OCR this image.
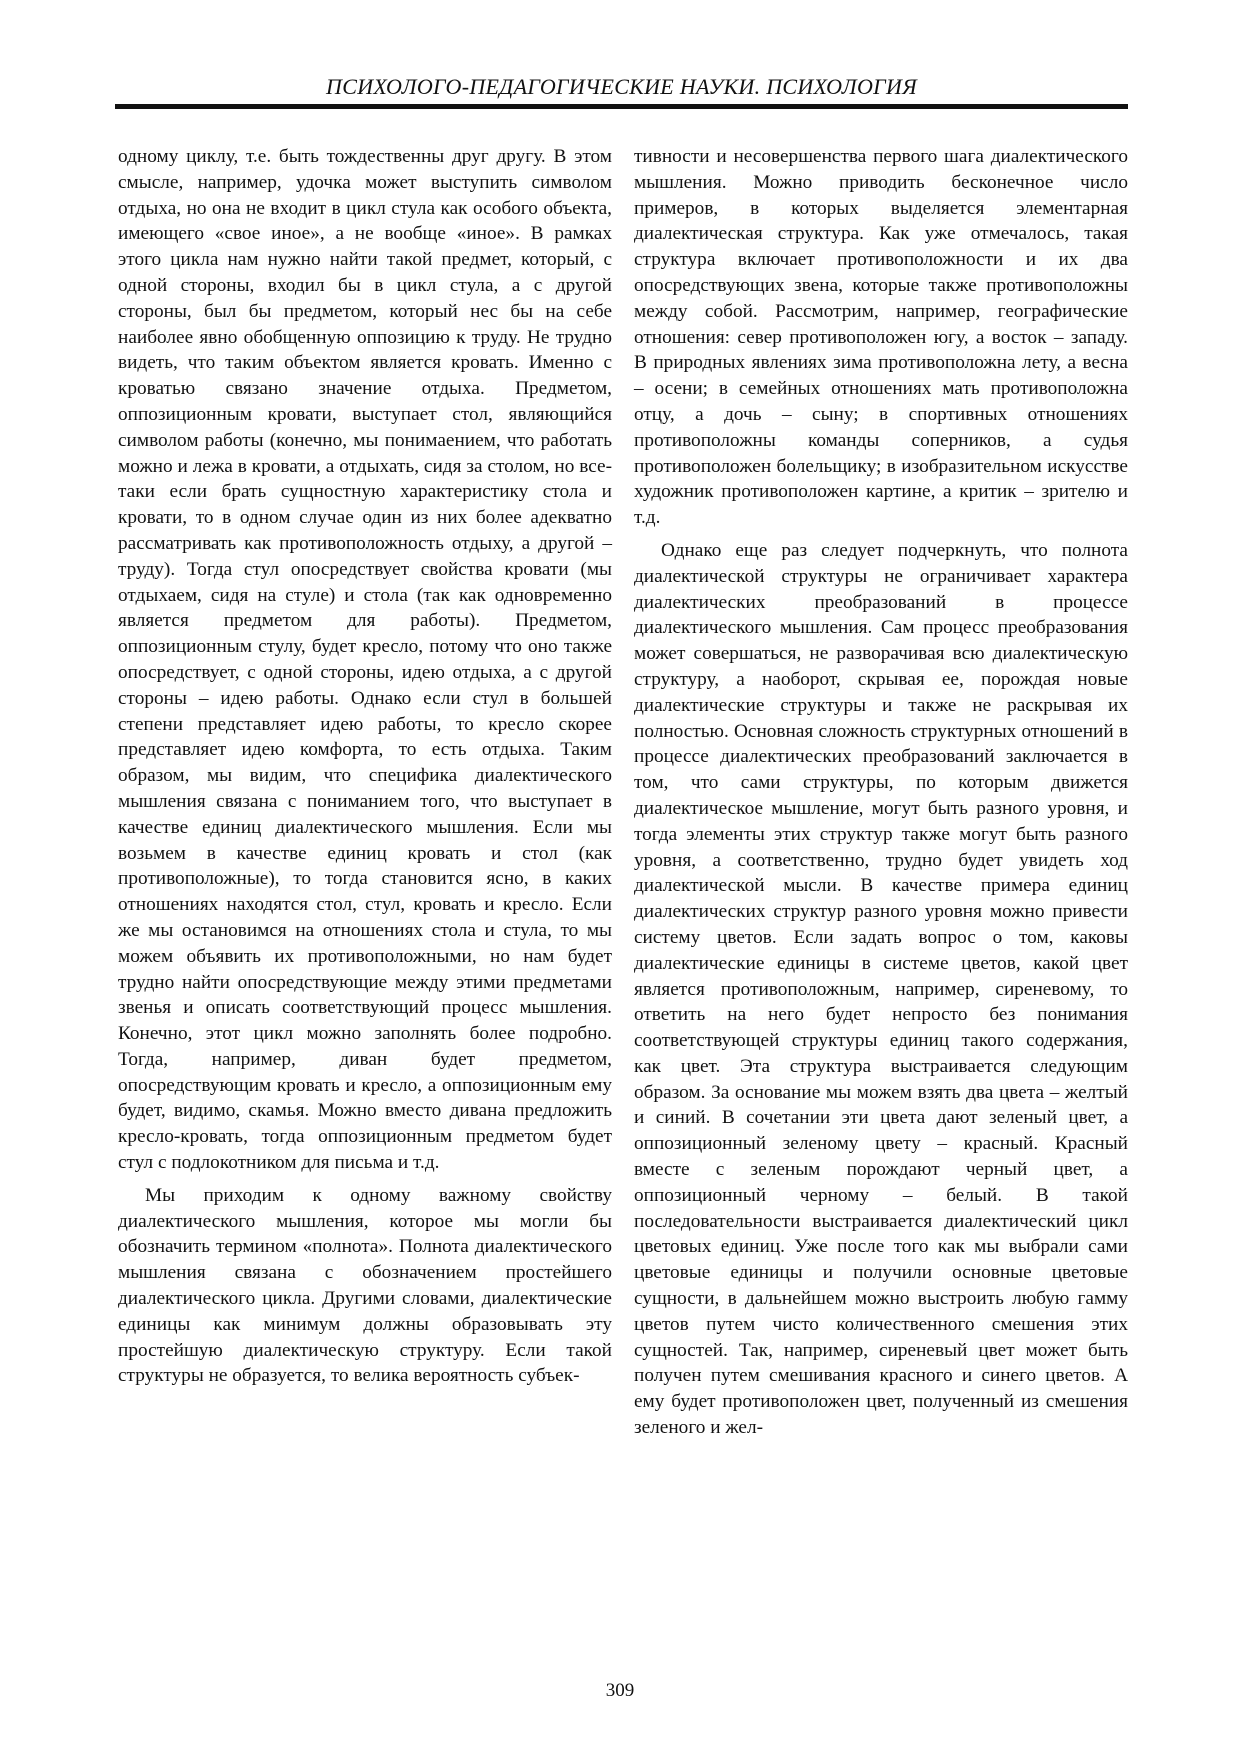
ПСИХОЛОГО-ПЕДАГОГИЧЕСКИЕ НАУКИ. ПСИХОЛОГИЯ

одному циклу, т.е. быть тождественны друг другу. В этом смысле, например, удочка может выступить символом отдыха, но она не входит в цикл стула как особого объекта, имеющего «свое иное», а не вообще «иное». В рамках этого цикла нам нужно найти такой предмет, который, с одной стороны, входил бы в цикл стула, а с другой стороны, был бы предметом, который нес бы на себе наиболее явно обобщенную оппозицию к труду. Не трудно видеть, что таким объектом является кровать. Именно с кроватью связано значение отдыха. Предметом, оппозиционным кровати, выступает стол, являющийся символом работы (конечно, мы понимаением, что работать можно и лежа в кровати, а отдыхать, сидя за столом, но все-таки если брать сущностную характеристику стола и кровати, то в одном случае один из них более адекватно рассматривать как противоположность отдыху, а другой – труду). Тогда стул опосредствует свойства кровати (мы отдыхаем, сидя на стуле) и стола (так как одновременно является предметом для работы). Предметом, оппозиционным стулу, будет кресло, потому что оно также опосредствует, с одной стороны, идею отдыха, а с другой стороны – идею работы. Однако если стул в большей степени представляет идею работы, то кресло скорее представляет идею комфорта, то есть отдыха. Таким образом, мы видим, что специфика диалектического мышления связана с пониманием того, что выступает в качестве единиц диалектического мышления. Если мы возьмем в качестве единиц кровать и стол (как противоположные), то тогда становится ясно, в каких отношениях находятся стол, стул, кровать и кресло. Если же мы остановимся на отношениях стола и стула, то мы можем объявить их противоположными, но нам будет трудно найти опосредствующие между этими предметами звенья и описать соответствующий процесс мышления. Конечно, этот цикл можно заполнять более подробно. Тогда, например, диван будет предметом, опосредствующим кровать и кресло, а оппозиционным ему будет, видимо, скамья. Можно вместо дивана предложить кресло-кровать, тогда оппозиционным предметом будет стул с подлокотником для письма и т.д.

Мы приходим к одному важному свойству диалектического мышления, которое мы могли бы обозначить термином «полнота». Полнота диалектического мышления связана с обозначением простейшего диалектического цикла. Другими словами, диалектические единицы как минимум должны образовывать эту простейшую диалектическую структуру. Если такой структуры не образуется, то велика вероятность субъек-

тивности и несовершенства первого шага диалектического мышления. Можно приводить бесконечное число примеров, в которых выделяется элементарная диалектическая структура. Как уже отмечалось, такая структура включает противоположности и их два опосредствующих звена, которые также противоположны между собой. Рассмотрим, например, географические отношения: север противоположен югу, а восток – западу. В природных явлениях зима противоположна лету, а весна – осени; в семейных отношениях мать противоположна отцу, а дочь – сыну; в спортивных отношениях противоположны команды соперников, а судья противоположен болельщику; в изобразительном искусстве художник противоположен картине, а критик – зрителю и т.д.

Однако еще раз следует подчеркнуть, что полнота диалектической структуры не ограничивает характера диалектических преобразований в процессе диалектического мышления. Сам процесс преобразования может совершаться, не разворачивая всю диалектическую структуру, а наоборот, скрывая ее, порождая новые диалектические структуры и также не раскрывая их полностью. Основная сложность структурных отношений в процессе диалектических преобразований заключается в том, что сами структуры, по которым движется диалектическое мышление, могут быть разного уровня, и тогда элементы этих структур также могут быть разного уровня, а соответственно, трудно будет увидеть ход диалектической мысли. В качестве примера единиц диалектических структур разного уровня можно привести систему цветов. Если задать вопрос о том, каковы диалектические единицы в системе цветов, какой цвет является противоположным, например, сиреневому, то ответить на него будет непросто без понимания соответствующей структуры единиц такого содержания, как цвет. Эта структура выстраивается следующим образом. За основание мы можем взять два цвета – желтый и синий. В сочетании эти цвета дают зеленый цвет, а оппозиционный зеленому цвету – красный. Красный вместе с зеленым порождают черный цвет, а оппозиционный черному – белый. В такой последовательности выстраивается диалектический цикл цветовых единиц. Уже после того как мы выбрали сами цветовые единицы и получили основные цветовые сущности, в дальнейшем можно выстроить любую гамму цветов путем чисто количественного смешения этих сущностей. Так, например, сиреневый цвет может быть получен путем смешивания красного и синего цветов. А ему будет противоположен цвет, полученный из смешения зеленого и жел-

309
